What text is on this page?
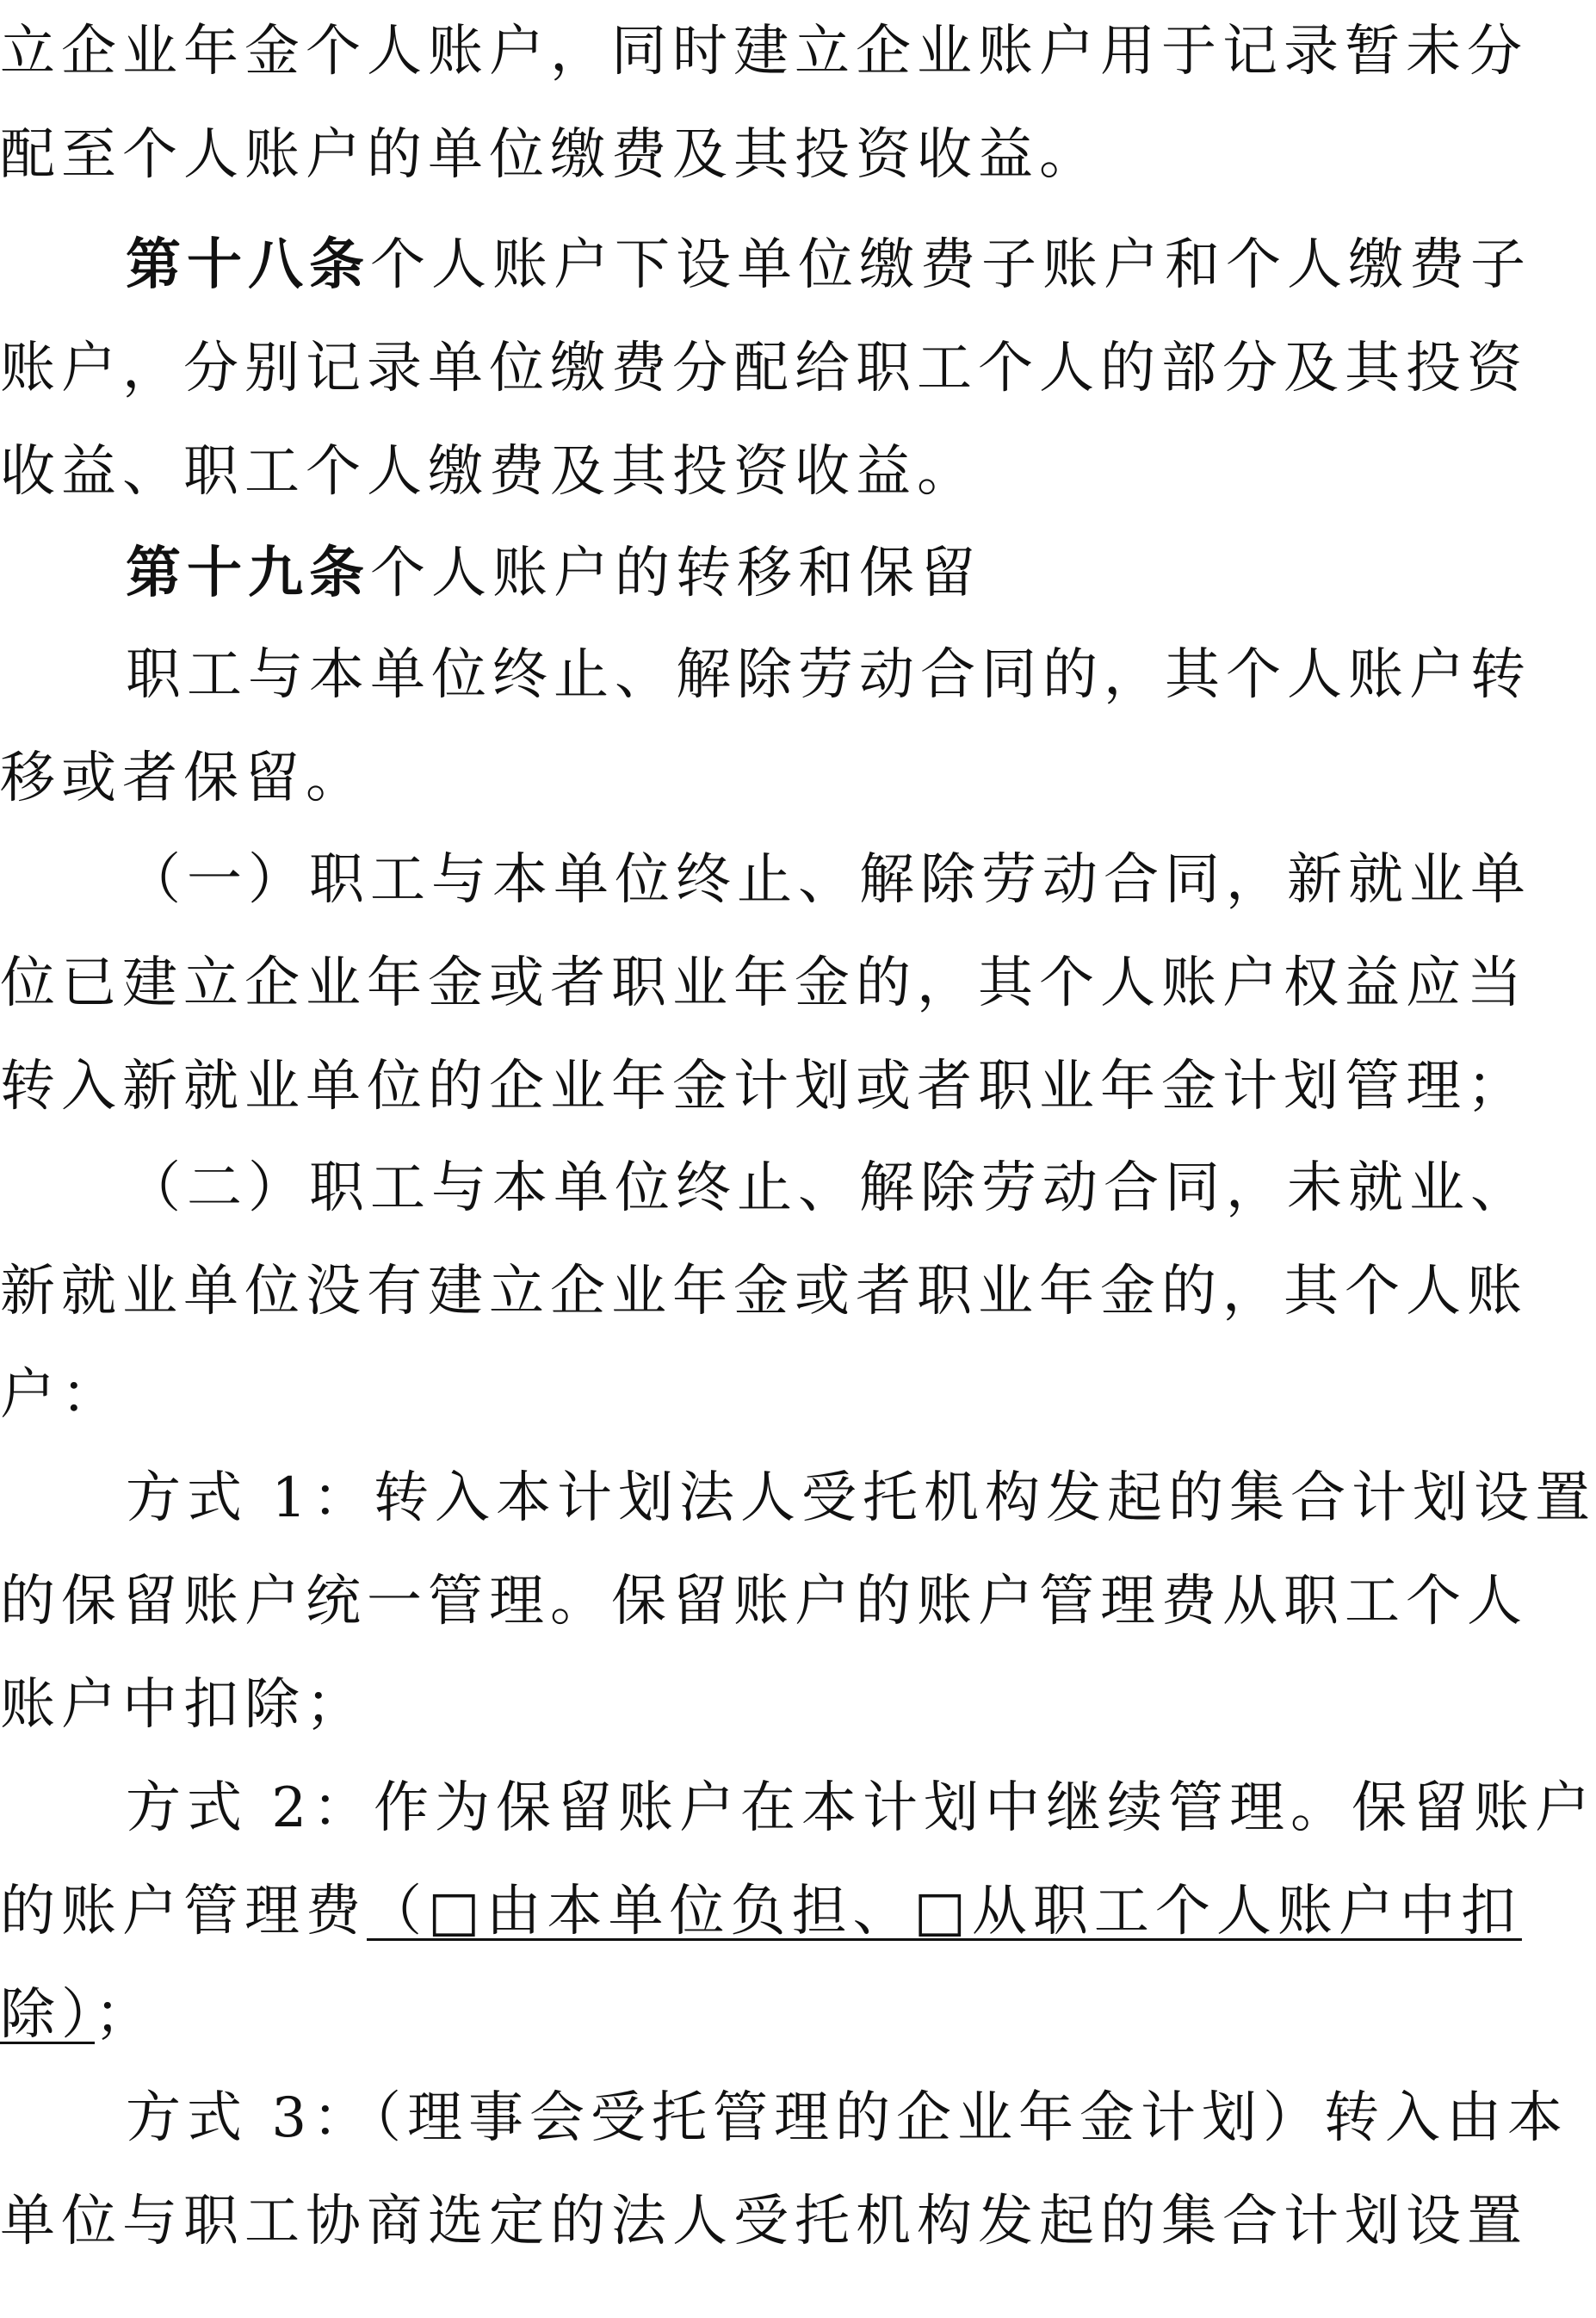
立企业年金个人账户，同时建立企业账户用于记录暂未分
配至个人账户的单位缴费及其投资收益。
第十八条个人账户下设单位缴费子账户和个人缴费子
账户，分别记录单位缴费分配给职工个人的部分及其投资
收益、职工个人缴费及其投资收益。
第十九条个人账户的转移和保留
职工与本单位终止、解除劳动合同的，其个人账户转
移或者保留。
（一）职工与本单位终止、解除劳动合同，新就业单
位已建立企业年金或者职业年金的，其个人账户权益应当
转入新就业单位的企业年金计划或者职业年金计划管理；
（二）职工与本单位终止、解除劳动合同，未就业、
新就业单位没有建立企业年金或者职业年金的，其个人账
户：
方式 1：转入本计划法人受托机构发起的集合计划设置
的保留账户统一管理。保留账户的账户管理费从职工个人
账户中扣除；
方式 2：作为保留账户在本计划中继续管理。保留账户
的账户管理费（□由本单位负担、□从职工个人账户中扣
除）；
方式 3：（理事会受托管理的企业年金计划）转入由本
单位与职工协商选定的法人受托机构发起的集合计划设置
